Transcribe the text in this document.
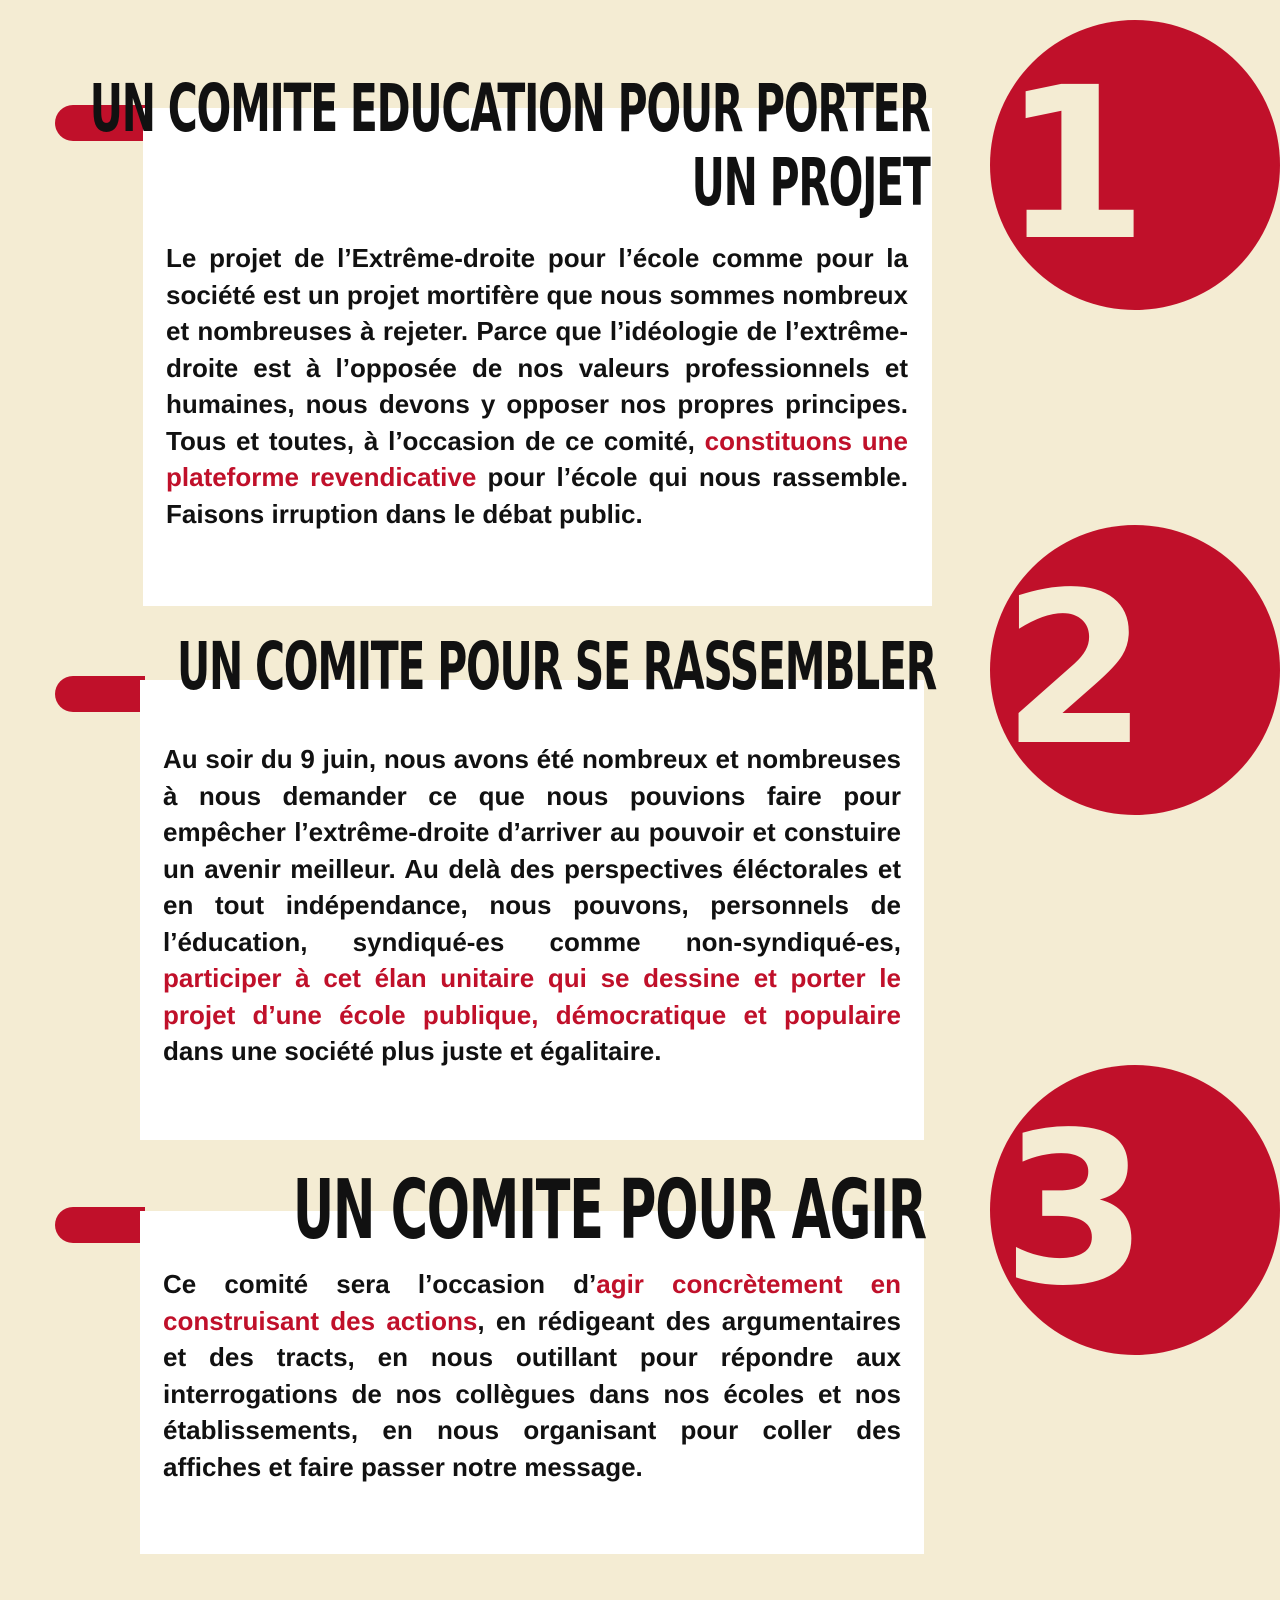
1
2
3
UN COMITE EDUCATION POUR PORTER
UN PROJET

Le projet de l’Extrême-droite pour l’école comme pour la société est un projet mortifère que nous sommes nombreux et nombreuses à rejeter. Parce que l’idéologie de l’extrême-droite est à l’opposée de nos valeurs professionnels et humaines, nous devons y opposer nos propres principes. Tous et toutes, à l’occasion de ce comité, constituons une plateforme revendicative pour l’école qui nous rassemble. Faisons irruption dans le débat public.

UN COMITE POUR SE RASSEMBLER

Au soir du 9 juin, nous avons été nombreux et nombreuses à nous demander ce que nous pouvions faire pour empêcher l’extrême-droite d’arriver au pouvoir et constuire un avenir meilleur. Au delà des perspectives éléctorales et en tout indépendance, nous pouvons, personnels de l’éducation, syndiqué-es comme non-syndiqué-es, participer à cet élan unitaire qui se dessine et porter le projet d’une école publique, démocratique et populaire dans une société plus juste et égalitaire.

UN COMITE POUR AGIR

Ce comité sera l’occasion d’agir concrètement en construisant des actions, en rédigeant des argumentaires et des tracts, en nous outillant pour répondre aux interrogations de nos collègues dans nos écoles et nos établissements, en nous organisant pour coller des affiches et faire passer notre message.
